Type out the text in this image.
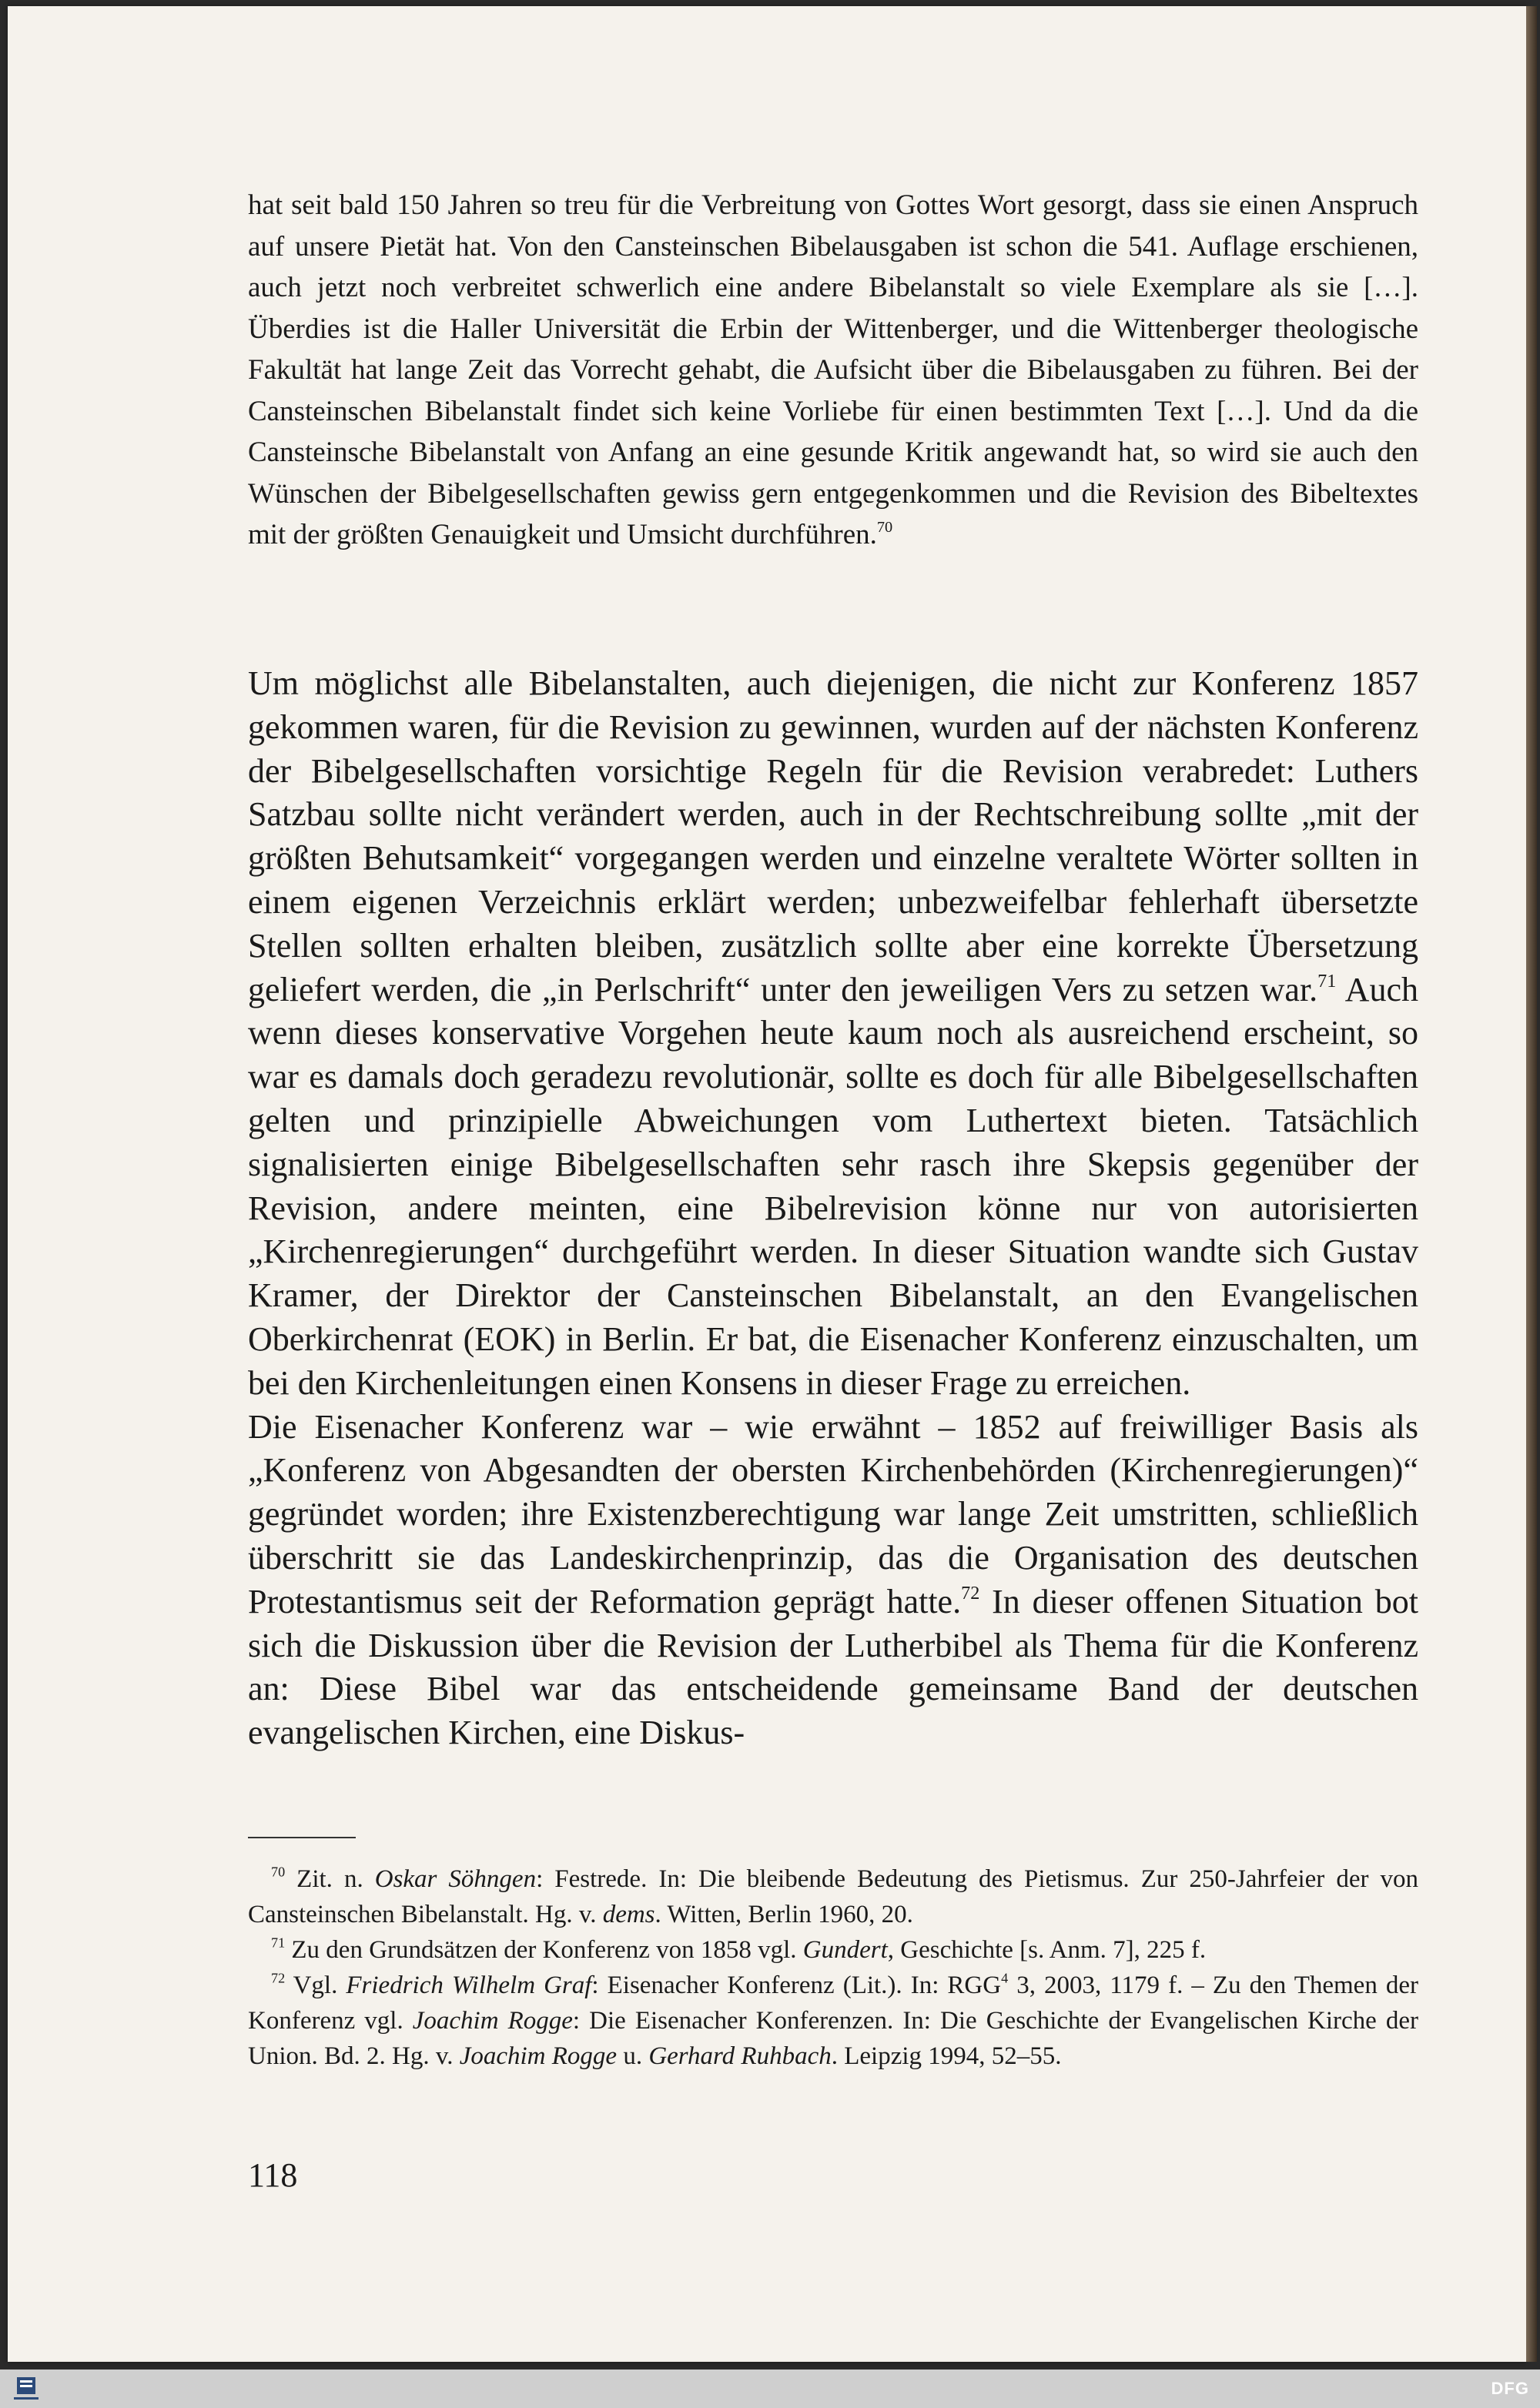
hat seit bald 150 Jahren so treu für die Verbreitung von Gottes Wort gesorgt, dass sie einen Anspruch auf unsere Pietät hat. Von den Cansteinschen Bibelausgaben ist schon die 541. Auflage erschienen, auch jetzt noch verbreitet schwerlich eine andere Bibelanstalt so viele Exemplare als sie […]. Überdies ist die Haller Universität die Erbin der Wittenberger, und die Wittenberger theologische Fakultät hat lange Zeit das Vorrecht gehabt, die Aufsicht über die Bibelausgaben zu führen. Bei der Cansteinschen Bibelanstalt findet sich keine Vorliebe für einen bestimmten Text […]. Und da die Cansteinsche Bibelanstalt von Anfang an eine gesunde Kritik angewandt hat, so wird sie auch den Wünschen der Bibelgesellschaften gewiss gern entgegenkommen und die Revision des Bibeltextes mit der größten Genauigkeit und Umsicht durchführen.$^{70}$

Um möglichst alle Bibelanstalten, auch diejenigen, die nicht zur Konferenz 1857 gekommen waren, für die Revision zu gewinnen, wurden auf der nächsten Konferenz der Bibelgesellschaften vorsichtige Regeln für die Revision verabredet: Luthers Satzbau sollte nicht verändert werden, auch in der Rechtschreibung sollte „mit der größten Behutsamkeit“ vorgegangen werden und einzelne veraltete Wörter sollten in einem eigenen Verzeichnis erklärt werden; unbezweifelbar fehlerhaft übersetzte Stellen sollten erhalten bleiben, zusätzlich sollte aber eine korrekte Übersetzung geliefert werden, die „in Perlschrift“ unter den jeweiligen Vers zu setzen war.$^{71}$ Auch wenn dieses konservative Vorgehen heute kaum noch als ausreichend erscheint, so war es damals doch geradezu revolutionär, sollte es doch für alle Bibelgesellschaften gelten und prinzipielle Abweichungen vom Luthertext bieten. Tatsächlich signalisierten einige Bibelgesellschaften sehr rasch ihre Skepsis gegenüber der Revision, andere meinten, eine Bibelrevision könne nur von autorisierten „Kirchenregierungen“ durchgeführt werden. In dieser Situation wandte sich Gustav Kramer, der Direktor der Cansteinschen Bibelanstalt, an den Evangelischen Oberkirchenrat (EOK) in Berlin. Er bat, die Eisenacher Konferenz einzuschalten, um bei den Kirchenleitungen einen Konsens in dieser Frage zu erreichen.

Die Eisenacher Konferenz war – wie erwähnt – 1852 auf freiwilliger Basis als „Konferenz von Abgesandten der obersten Kirchenbehörden (Kirchenregierungen)“ gegründet worden; ihre Existenzberechtigung war lange Zeit umstritten, schließlich überschritt sie das Landeskirchenprinzip, das die Organisation des deutschen Protestantismus seit der Reformation geprägt hatte.$^{72}$ In dieser offenen Situation bot sich die Diskussion über die Revision der Lutherbibel als Thema für die Konferenz an: Diese Bibel war das entscheidende gemeinsame Band der deutschen evangelischen Kirchen, eine Diskus-

$^{70}$ Zit. n. Oskar Söhngen: Festrede. In: Die bleibende Bedeutung des Pietismus. Zur 250-Jahrfeier der von Cansteinschen Bibelanstalt. Hg. v. dems. Witten, Berlin 1960, 20.

$^{71}$ Zu den Grundsätzen der Konferenz von 1858 vgl. Gundert, Geschichte [s. Anm. 7], 225 f.

$^{72}$ Vgl. Friedrich Wilhelm Graf: Eisenacher Konferenz (Lit.). In: RGG$^4$ 3, 2003, 1179 f. – Zu den Themen der Konferenz vgl. Joachim Rogge: Die Eisenacher Konferenzen. In: Die Geschichte der Evangelischen Kirche der Union. Bd. 2. Hg. v. Joachim Rogge u. Gerhard Ruhbach. Leipzig 1994, 52–55.

118
DFG
